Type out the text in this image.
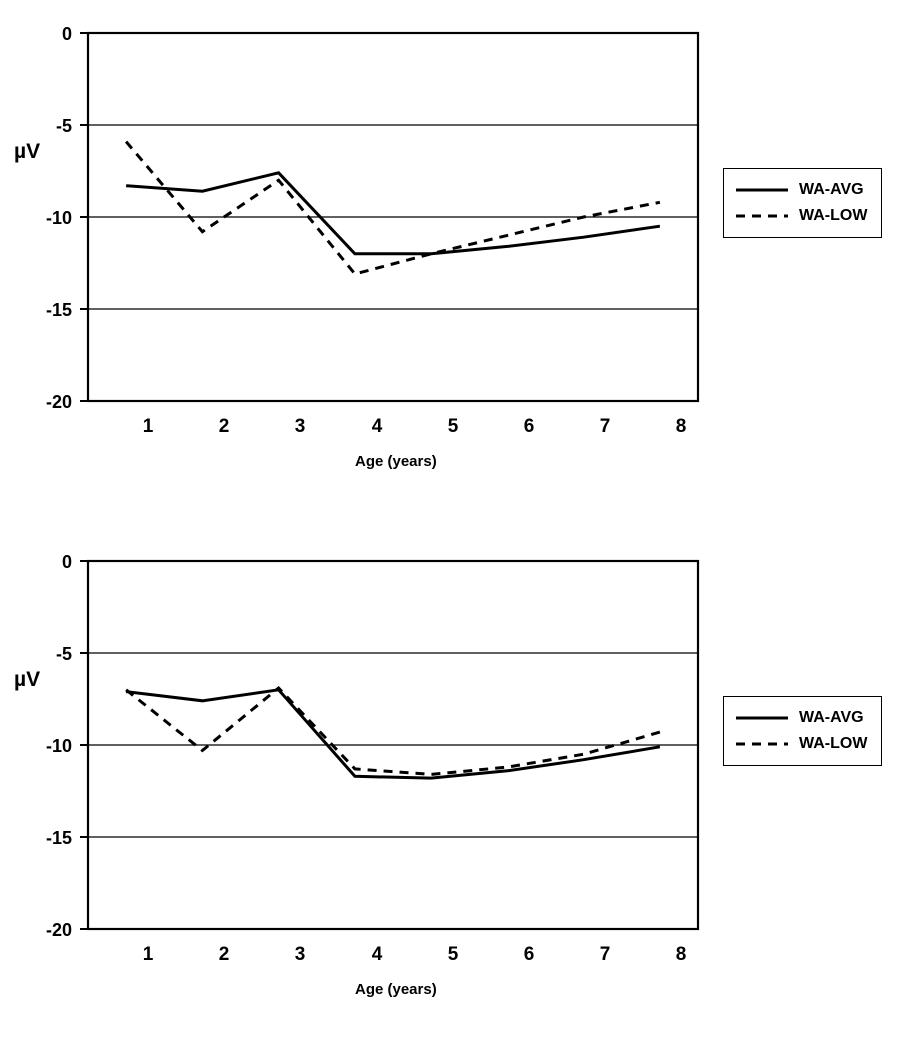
0
-5
-10
-15
-20
1	2	3	4	5	6	7	8
µV
Age (years)
WA-AVG
WA-LOW
0
-5
-10
-15
-20
1	2	3	4	5	6	7	8
µV
Age (years)
WA-AVG
WA-LOW
